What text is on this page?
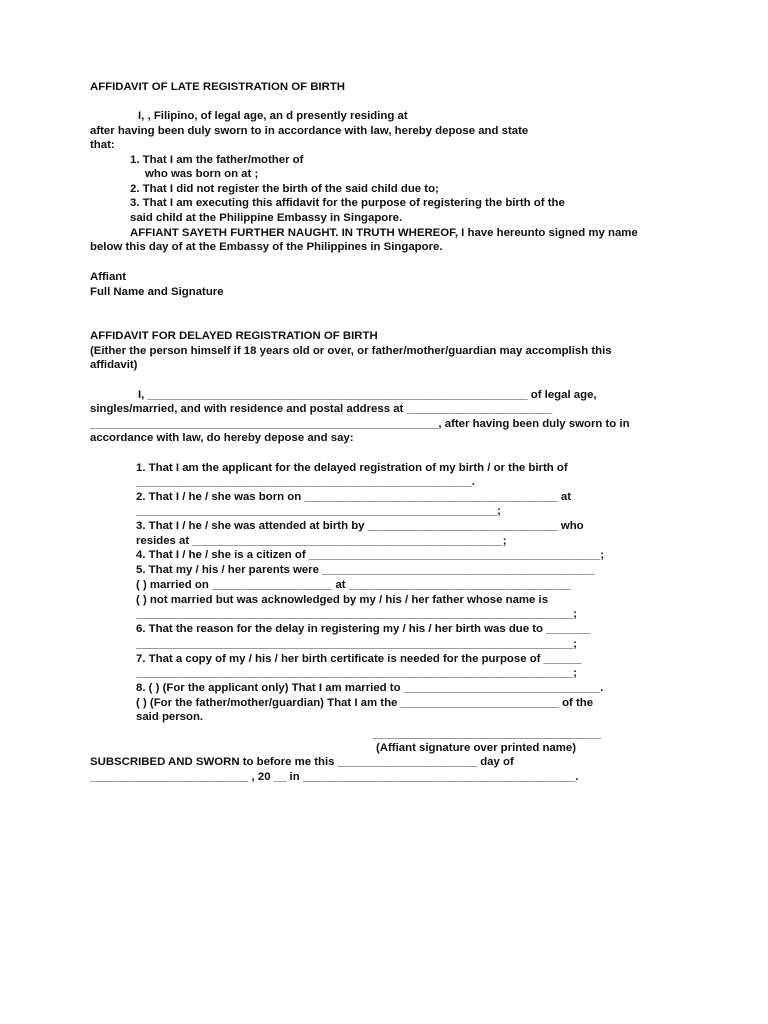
AFFIDAVIT OF LATE REGISTRATION OF BIRTH
I, , Filipino, of legal age, an d presently residing at
after having been duly sworn to in accordance with law, hereby depose and state
that:
1. That I am the father/mother of
who was born on at ;
2. That I did not register the birth of the said child due to;
3. That I am executing this affidavit for the purpose of registering the birth of the
said child at the Philippine Embassy in Singapore.
AFFIANT SAYETH FURTHER NAUGHT. IN TRUTH WHEREOF, I have hereunto signed my name
below this day of at the Embassy of the Philippines in Singapore.
Affiant
Full Name and Signature
AFFIDAVIT FOR DELAYED REGISTRATION OF BIRTH
(Either the person himself if 18 years old or over, or father/mother/guardian may accomplish this
affidavit)
I, ____________________________________________________________ of legal age,
singles/married, and with residence and postal address at _______________________
_______________________________________________________, after having been duly sworn to in
accordance with law, do hereby depose and say:
1. That I am the applicant for the delayed registration of my birth / or the birth of
_____________________________________________________.
2. That I / he / she was born on ________________________________________ at
_________________________________________________________;
3. That I / he / she was attended at birth by ______________________________ who
resides at _________________________________________________;
4. That I / he / she is a citizen of ______________________________________________;
5. That my / his / her parents were ___________________________________________
( ) married on ___________________ at ___________________________________
( ) not married but was acknowledged by my / his / her father whose name is
_____________________________________________________________________;
6. That the reason for the delay in registering my / his / her birth was due to _______
_____________________________________________________________________;
7. That a copy of my / his / her birth certificate is needed for the purpose of ______
_____________________________________________________________________;
8. ( ) (For the applicant only) That I am married to _______________________________.
( ) (For the father/mother/guardian) That I am the _________________________ of the
said person.
____________________________________
(Affiant signature over printed name)
SUBSCRIBED AND SWORN to before me this ______________________ day of
_________________________ , 20 __ in ___________________________________________.
